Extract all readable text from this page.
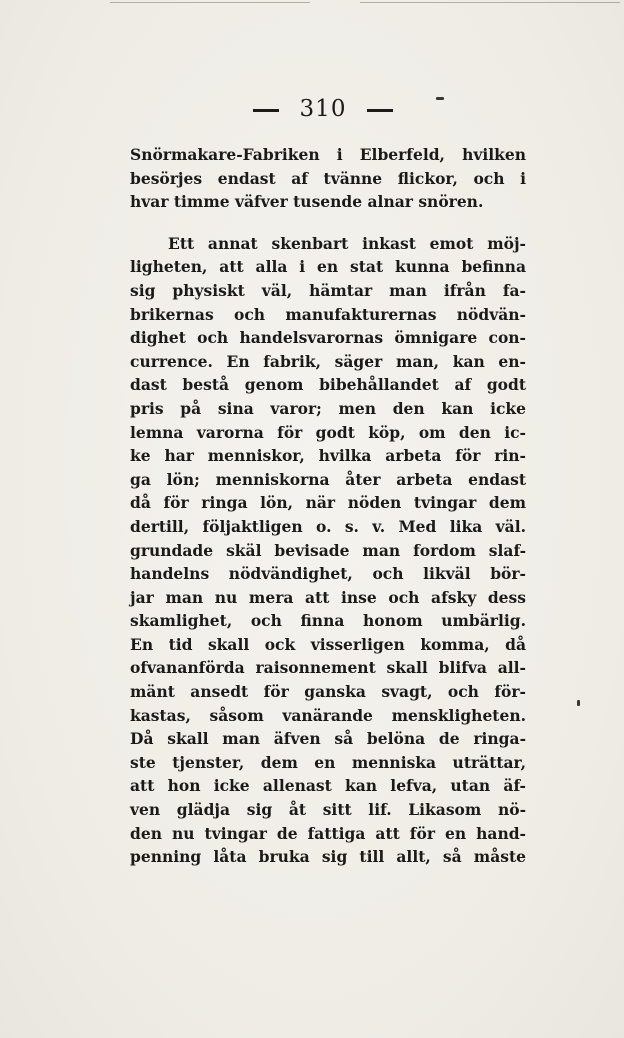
310
Snörmakare-Fabriken i Elberfeld, hvilken
besörjes endast af tvänne flickor, och i
hvar timme väfver tusende alnar snören.
Ett annat skenbart inkast emot möj-
ligheten, att alla i en stat kunna befinna
sig physiskt väl, hämtar man ifrån fa-
brikernas och manufakturernas nödvän-
dighet och handelsvarornas ömnigare con-
currence. En fabrik, säger man, kan en-
dast bestå genom bibehållandet af godt
pris på sina varor; men den kan icke
lemna varorna för godt köp, om den ic-
ke har menniskor, hvilka arbeta för rin-
ga lön; menniskorna åter arbeta endast
då för ringa lön, när nöden tvingar dem
dertill, följaktligen o. s. v. Med lika väl.
grundade skäl bevisade man fordom slaf-
handelns nödvändighet, och likväl bör-
jar man nu mera att inse och afsky dess
skamlighet, och finna honom umbärlig.
En tid skall ock visserligen komma, då
ofvananförda raisonnement skall blifva all-
mänt ansedt för ganska svagt, och för-
kastas, såsom vanärande menskligheten.
Då skall man äfven så belöna de ringa-
ste tjenster, dem en menniska uträttar,
att hon icke allenast kan lefva, utan äf-
ven glädja sig åt sitt lif. Likasom nö-
den nu tvingar de fattiga att för en hand-
penning låta bruka sig till allt, så måste
